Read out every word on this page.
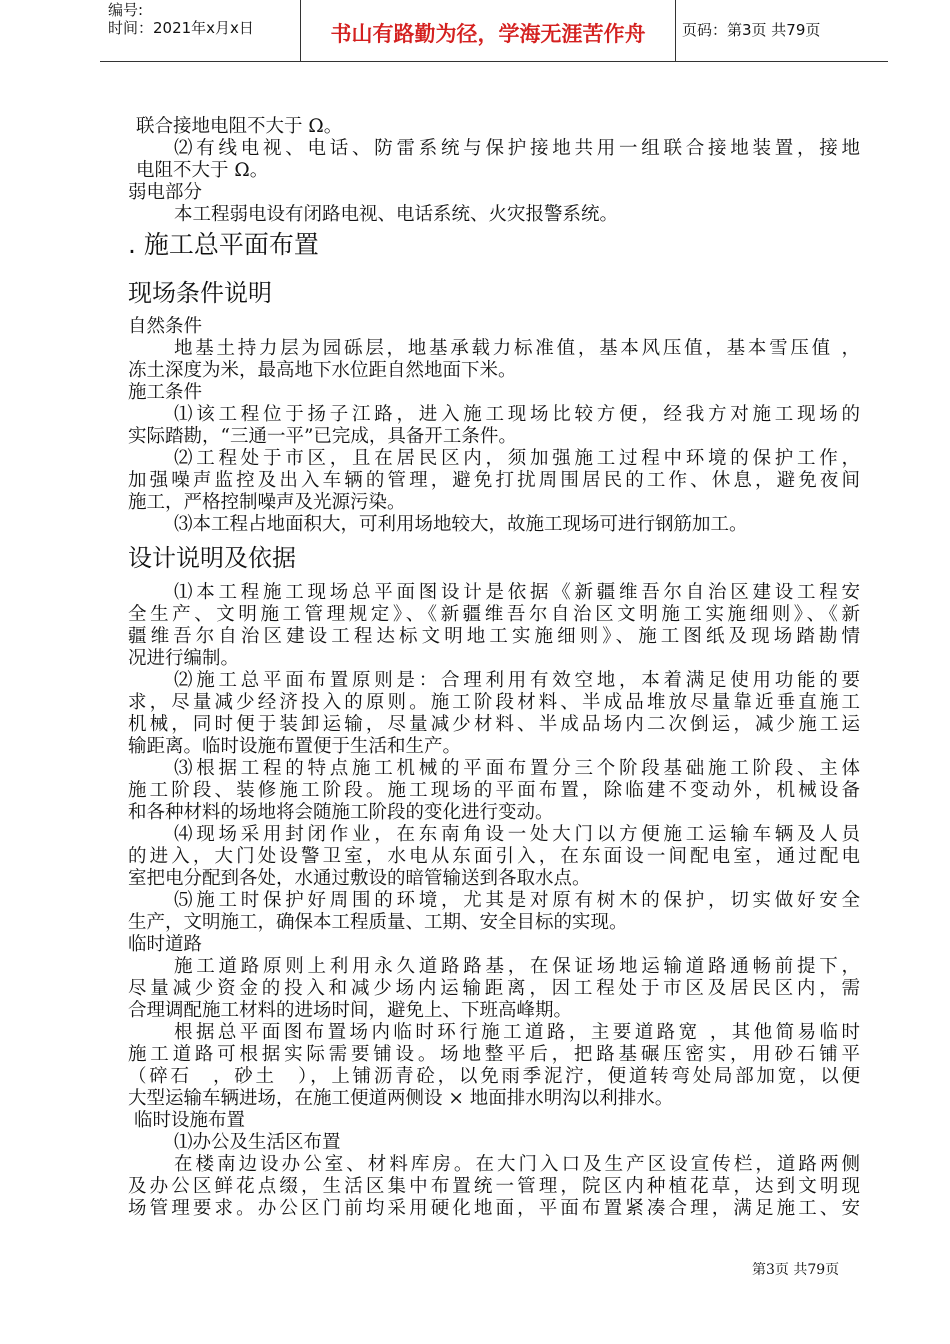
编号:
时间：2021年x月x日	书山有路勤为径，学海无涯苦作舟	页码：第3页 共79页
联合接地电阻不大于 Ω。
⑵有线电视、电话、防雷系统与保护接地共用一组联合接地装置，接地
电阻不大于 Ω。
弱电部分
本工程弱电设有闭路电视、电话系统、火灾报警系统。
. 施工总平面布置
现场条件说明
自然条件
地基土持力层为园砾层，地基承载力标准值，基本风压值，基本雪压值 ，
冻土深度为米，最高地下水位距自然地面下米。
施工条件
⑴该工程位于扬子江路，进入施工现场比较方便，经我方对施工现场的
实际踏勘，“三通一平”已完成，具备开工条件。
⑵工程处于市区，且在居民区内，须加强施工过程中环境的保护工作，
加强噪声监控及出入车辆的管理，避免打扰周围居民的工作、休息，避免夜间
施工，严格控制噪声及光源污染。
⑶本工程占地面积大，可利用场地较大，故施工现场可进行钢筋加工。
设计说明及依据
⑴本工程施工现场总平面图设计是依据《新疆维吾尔自治区建设工程安
全生产、文明施工管理规定》、《新疆维吾尔自治区文明施工实施细则》、《新
疆维吾尔自治区建设工程达标文明地工实施细则》、施工图纸及现场踏勘情
况进行编制。
⑵施工总平面布置原则是：合理利用有效空地，本着满足使用功能的要
求，尽量减少经济投入的原则。施工阶段材料、半成品堆放尽量靠近垂直施工
机械，同时便于装卸运输，尽量减少材料、半成品场内二次倒运，减少施工运
输距离。临时设施布置便于生活和生产。
⑶根据工程的特点施工机械的平面布置分三个阶段基础施工阶段、主体
施工阶段、装修施工阶段。施工现场的平面布置，除临建不变动外，机械设备
和各种材料的场地将会随施工阶段的变化进行变动。
⑷现场采用封闭作业，在东南角设一处大门以方便施工运输车辆及人员
的进入，大门处设警卫室，水电从东面引入，在东面设一间配电室，通过配电
室把电分配到各处，水通过敷设的暗管输送到各取水点。
⑸施工时保护好周围的环境，尤其是对原有树木的保护，切实做好安全
生产，文明施工，确保本工程质量、工期、安全目标的实现。
临时道路
施工道路原则上利用永久道路路基，在保证场地运输道路通畅前提下，
尽量减少资金的投入和减少场内运输距离，因工程处于市区及居民区内，需
合理调配施工材料的进场时间，避免上、下班高峰期。
根据总平面图布置场内临时环行施工道路，主要道路宽 ，其他简易临时
施工道路可根据实际需要铺设。场地整平后，把路基碾压密实，用砂石铺平
（碎石　，砂土　），上铺沥青砼，以免雨季泥泞，便道转弯处局部加宽，以便
大型运输车辆进场，在施工便道两侧设 × 地面排水明沟以利排水。
临时设施布置
⑴办公及生活区布置
在楼南边设办公室、材料库房。在大门入口及生产区设宣传栏，道路两侧
及办公区鲜花点缀，生活区集中布置统一管理，院区内种植花草，达到文明现
场管理要求。办公区门前均采用硬化地面，平面布置紧凑合理，满足施工、安
第3页 共79页
